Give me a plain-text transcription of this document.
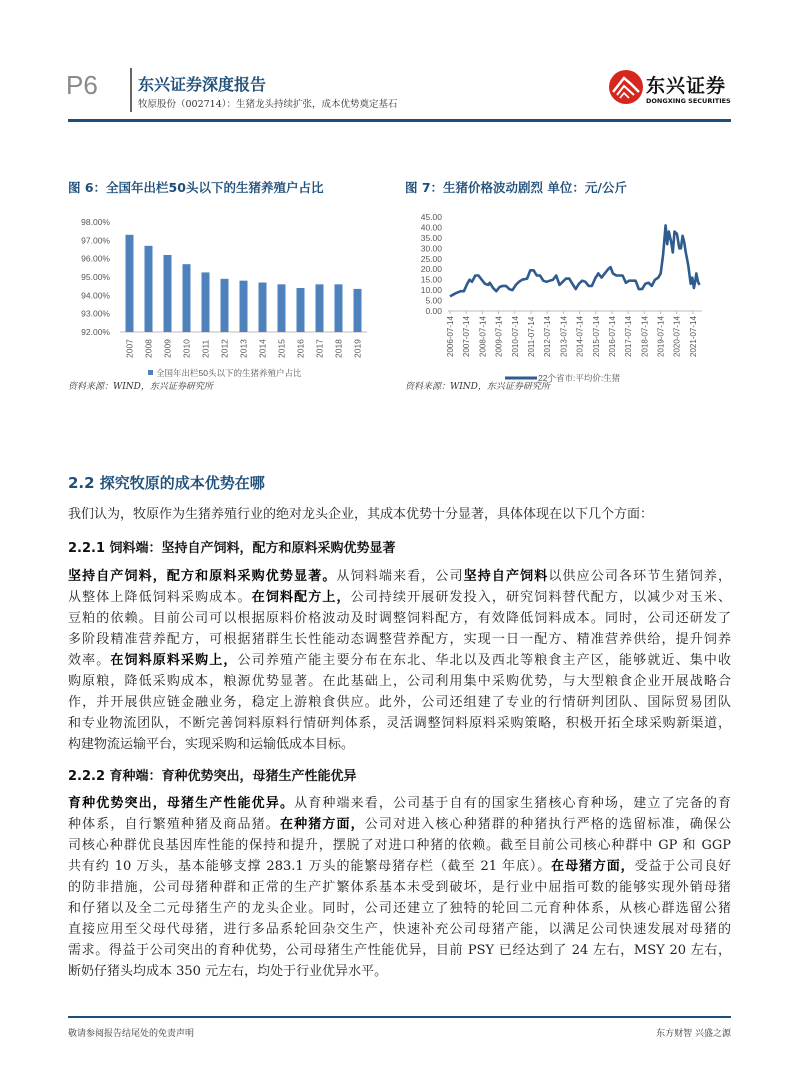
P6	东兴证券深度报告
牧原股份（002714）：生猪龙头持续扩张，成本优势奠定基石
东兴证券
DONGXING SECURITIES
图 6：全国年出栏50头以下的生猪养殖户占比
92.00%
93.00%
94.00%
95.00%
96.00%
97.00%
98.00%
2007 2008 2009 2010 2011 2012 2013 2014 2015 2016 2017 2018 2019
全国年出栏50头以下的生猪养殖户占比
资料来源：WIND，东兴证券研究所
图 7：生猪价格波动剧烈 单位：元/公斤
0.00
5.00
10.00
15.00
20.00
25.00
30.00
35.00
40.00
45.00
2006-07-14 2007-07-14 2008-07-14 2009-07-14 2010-07-14 2011-07-14 2012-07-14 2013-07-14 2014-07-14 2015-07-14 2016-07-14 2017-07-14 2018-07-14 2019-07-14 2020-07-14 2021-07-14
22个省市:平均价:生猪
资料来源：WIND，东兴证券研究所
2.2 探究牧原的成本优势在哪
我们认为，牧原作为生猪养殖行业的绝对龙头企业，其成本优势十分显著，具体体现在以下几个方面：
2.2.1 饲料端：坚持自产饲料，配方和原料采购优势显著
坚持自产饲料，配方和原料采购优势显著。从饲料端来看，公司坚持自产饲料以供应公司各环节生猪饲养，
从整体上降低饲料采购成本。在饲料配方上，公司持续开展研发投入，研究饲料替代配方，以减少对玉米、
豆粕的依赖。目前公司可以根据原料价格波动及时调整饲料配方，有效降低饲料成本。同时，公司还研发了
多阶段精准营养配方，可根据猪群生长性能动态调整营养配方，实现一日一配方、精准营养供给，提升饲养
效率。在饲料原料采购上，公司养殖产能主要分布在东北、华北以及西北等粮食主产区，能够就近、集中收
购原粮，降低采购成本，粮源优势显著。在此基础上，公司利用集中采购优势，与大型粮食企业开展战略合
作，并开展供应链金融业务，稳定上游粮食供应。此外，公司还组建了专业的行情研判团队、国际贸易团队
和专业物流团队，不断完善饲料原料行情研判体系，灵活调整饲料原料采购策略，积极开拓全球采购新渠道，
构建物流运输平台，实现采购和运输低成本目标。
2.2.2 育种端：育种优势突出，母猪生产性能优异
育种优势突出，母猪生产性能优异。从育种端来看，公司基于自有的国家生猪核心育种场，建立了完备的育
种体系，自行繁殖种猪及商品猪。在种猪方面，公司对进入核心种猪群的种猪执行严格的选留标准，确保公
司核心种群优良基因库性能的保持和提升，摆脱了对进口种猪的依赖。截至目前公司核心种群中 GP 和 GGP
共有约 10 万头，基本能够支撑 283.1 万头的能繁母猪存栏（截至 21 年底）。在母猪方面，受益于公司良好
的防非措施，公司母猪种群和正常的生产扩繁体系基本未受到破坏，是行业中屈指可数的能够实现外销母猪
和仔猪以及全二元母猪生产的龙头企业。同时，公司还建立了独特的轮回二元育种体系，从核心群选留公猪
直接应用至父母代母猪，进行多品系轮回杂交生产，快速补充公司母猪产能，以满足公司快速发展对母猪的
需求。得益于公司突出的育种优势，公司母猪生产性能优异，目前 PSY 已经达到了 24 左右，MSY 20 左右，
断奶仔猪头均成本 350 元左右，均处于行业优异水平。
敬请参阅报告结尾处的免责声明	东方财智 兴盛之源
